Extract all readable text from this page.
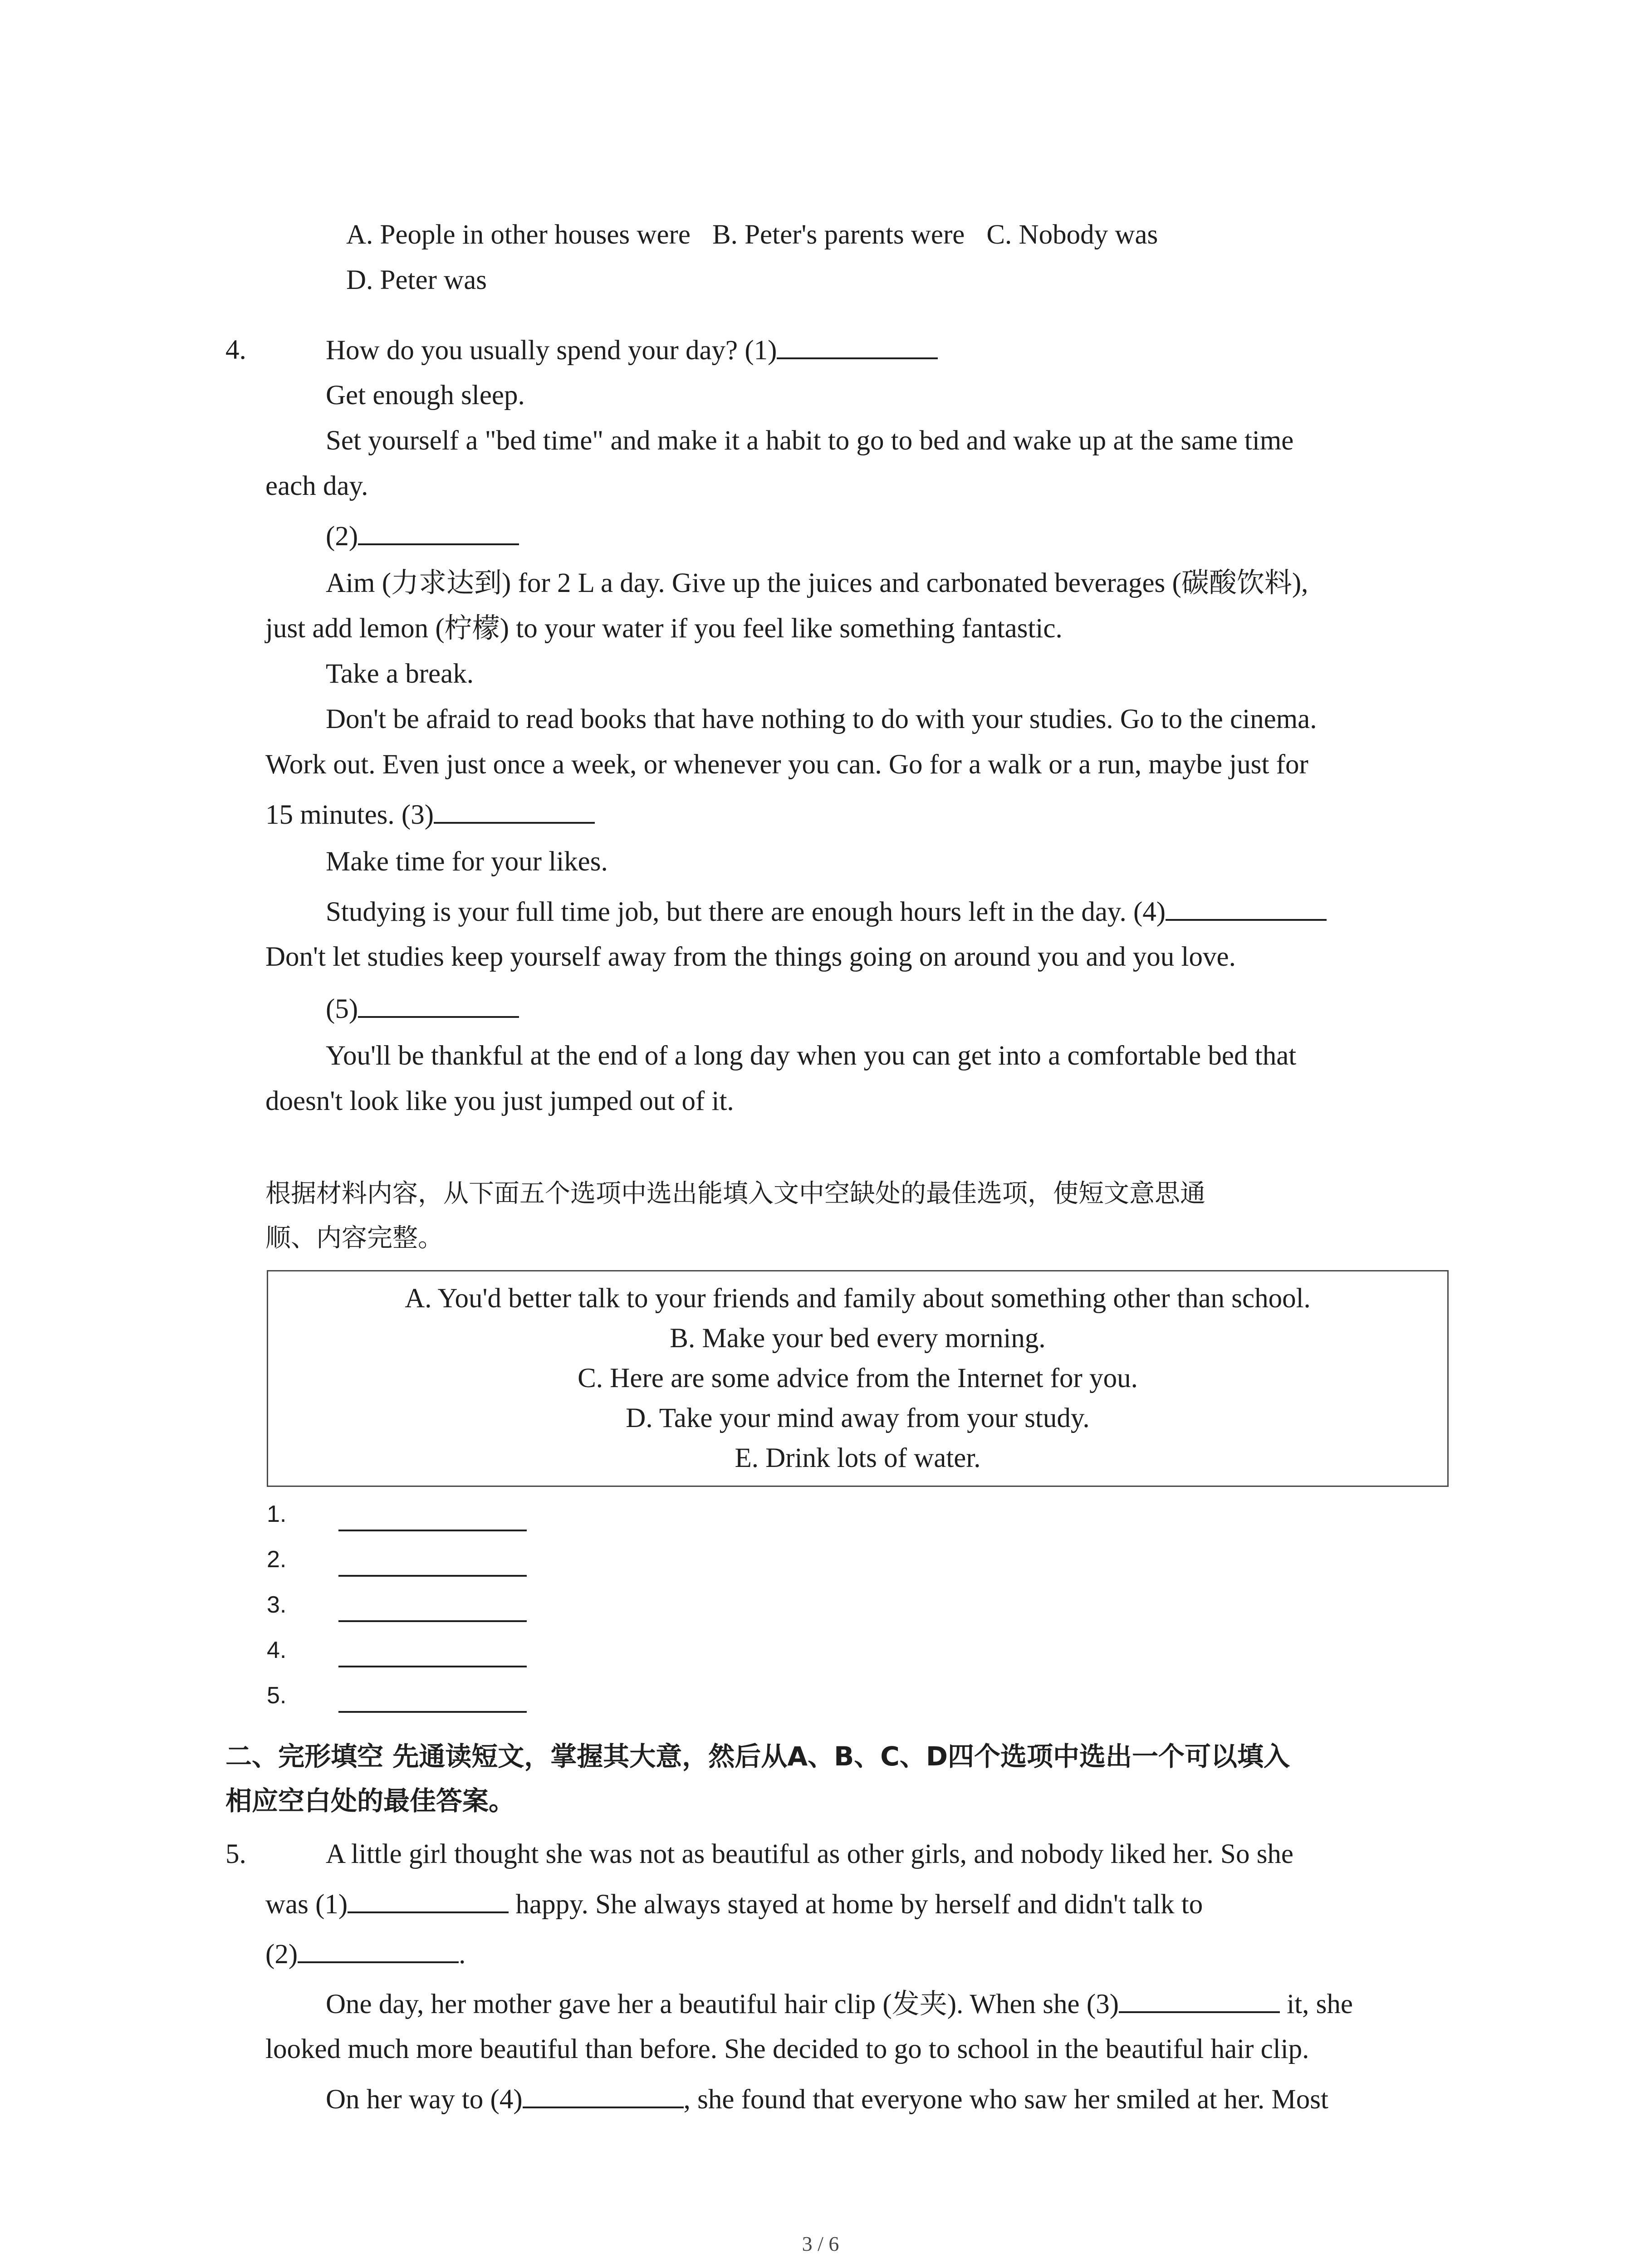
A. People in other houses were B. Peter's parents were C. Nobody was
D. Peter was
4.	How do you usually spend your day? (1)
Get enough sleep.
Set yourself a "bed time" and make it a habit to go to bed and wake up at the same time
each day.
(2)
Aim (力求达到) for 2 L a day. Give up the juices and carbonated beverages (碳酸饮料),
just add lemon (柠檬) to your water if you feel like something fantastic.
Take a break.
Don't be afraid to read books that have nothing to do with your studies. Go to the cinema.
Work out. Even just once a week, or whenever you can. Go for a walk or a run, maybe just for
15 minutes. (3)
Make time for your likes.
Studying is your full time job, but there are enough hours left in the day. (4)
Don't let studies keep yourself away from the things going on around you and you love.
(5)
You'll be thankful at the end of a long day when you can get into a comfortable bed that
doesn't look like you just jumped out of it.
根据材料内容，从下面五个选项中选出能填入文中空缺处的最佳选项，使短文意思通
顺、内容完整。
A. You'd better talk to your friends and family about something other than school.
B. Make your bed every morning.
C. Here are some advice from the Internet for you.
D. Take your mind away from your study.
E. Drink lots of water.
1.
2.
3.
4.
5.
二、完形填空 先通读短文，掌握其大意，然后从A、B、C、D四个选项中选出一个可以填入
相应空白处的最佳答案。
5.	A little girl thought she was not as beautiful as other girls, and nobody liked her. So she
was (1)	happy. She always stayed at home by herself and didn't talk to
(2)	.
One day, her mother gave her a beautiful hair clip (发夹). When she (3)	it, she
looked much more beautiful than before. She decided to go to school in the beautiful hair clip.
On her way to (4)	, she found that everyone who saw her smiled at her. Most
3 / 6
